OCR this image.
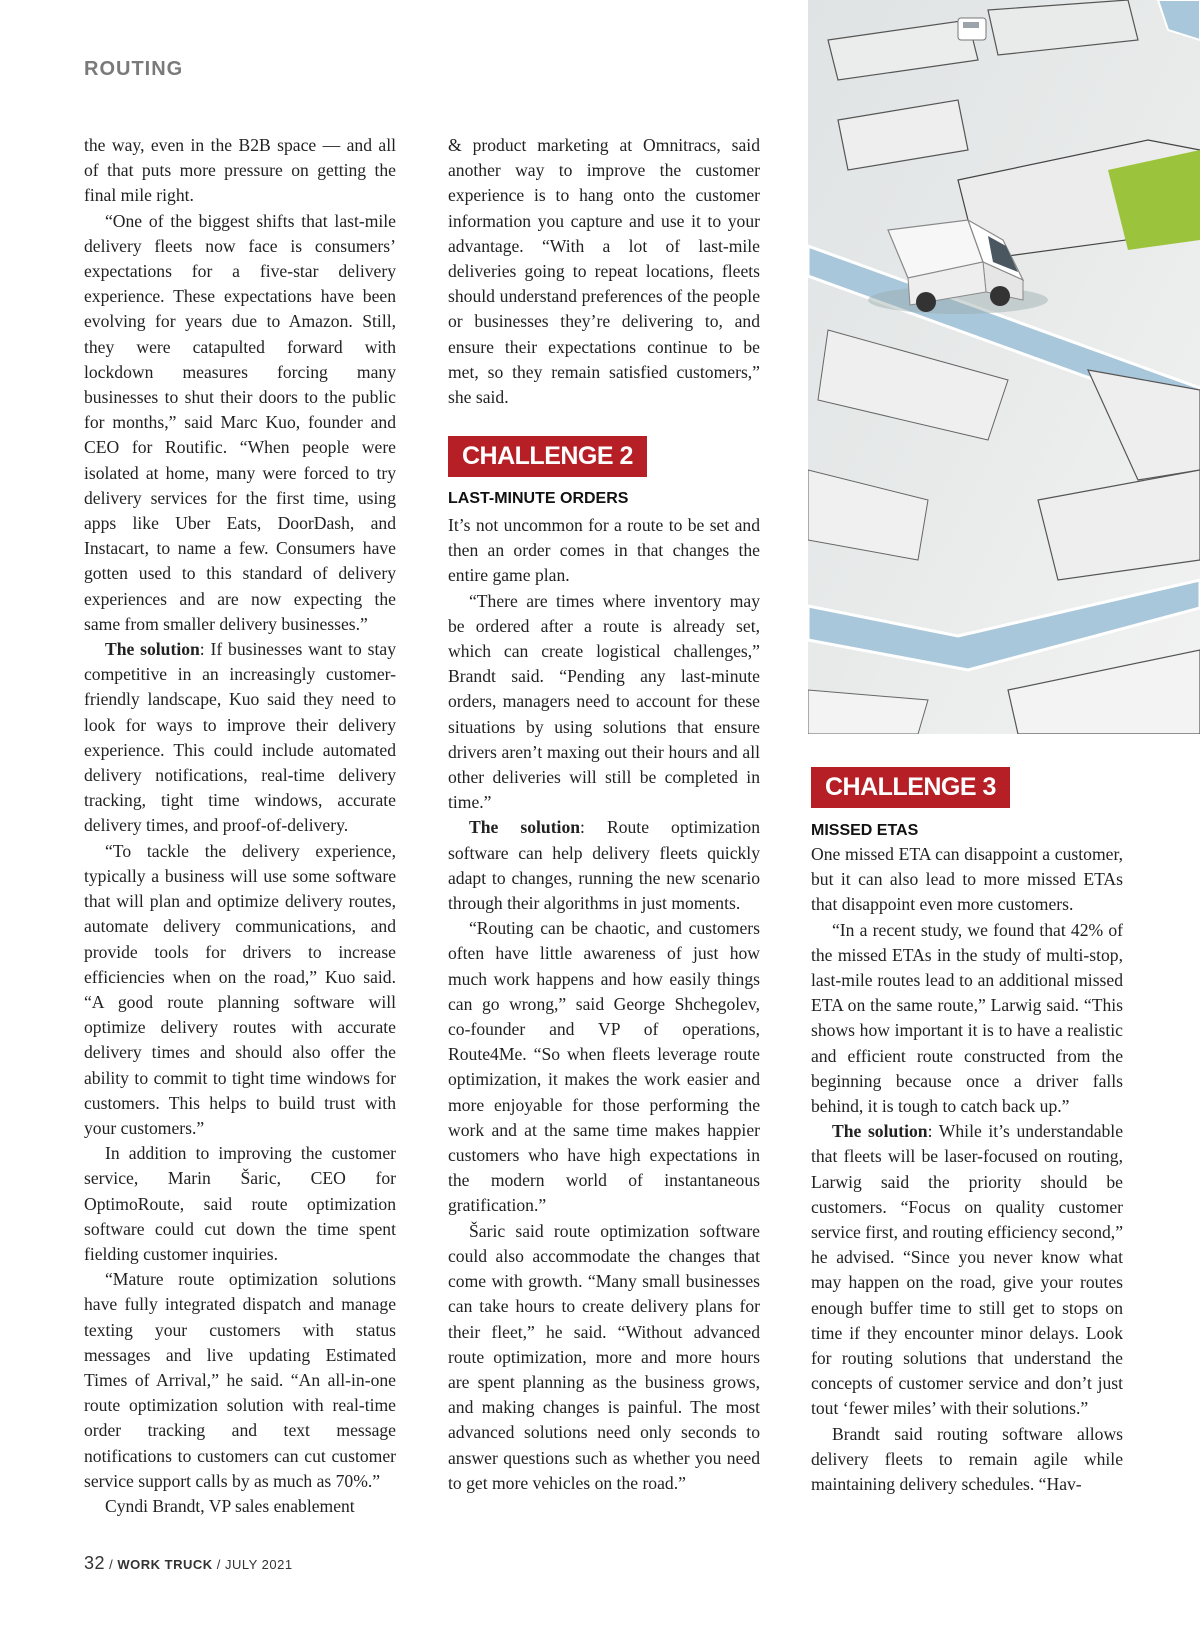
ROUTING

the way, even in the B2B space — and all of that puts more pressure on getting the final mile right.

“One of the biggest shifts that last-mile delivery fleets now face is consumers’ expectations for a five-star delivery experience. These expectations have been evolving for years due to Amazon. Still, they were catapulted forward with lockdown measures forcing many businesses to shut their doors to the public for months,” said Marc Kuo, founder and CEO for Routific. “When people were isolated at home, many were forced to try delivery services for the first time, using apps like Uber Eats, DoorDash, and Instacart, to name a few. Consumers have gotten used to this standard of delivery experiences and are now expecting the same from smaller delivery businesses.”

The solution: If businesses want to stay competitive in an increasingly customer-friendly landscape, Kuo said they need to look for ways to improve their delivery experience. This could include automated delivery notifications, real-time delivery tracking, tight time windows, accurate delivery times, and proof-of-delivery.

“To tackle the delivery experience, typically a business will use some software that will plan and optimize delivery routes, automate delivery communications, and provide tools for drivers to increase efficiencies when on the road,” Kuo said. “A good route planning software will optimize delivery routes with accurate delivery times and should also offer the ability to commit to tight time windows for customers. This helps to build trust with your customers.”

In addition to improving the customer service, Marin Šaric, CEO for OptimoRoute, said route optimization software could cut down the time spent fielding customer inquiries.

“Mature route optimization solutions have fully integrated dispatch and manage texting your customers with status messages and live updating Estimated Times of Arrival,” he said. “An all-in-one route optimization solution with real-time order tracking and text message notifications to customers can cut customer service support calls by as much as 70%.”

Cyndi Brandt, VP sales enablement

& product marketing at Omnitracs, said another way to improve the customer experience is to hang onto the customer information you capture and use it to your advantage. “With a lot of last-mile deliveries going to repeat locations, fleets should understand preferences of the people or businesses they’re delivering to, and ensure their expectations continue to be met, so they remain satisfied customers,” she said.

CHALLENGE 2
LAST-MINUTE ORDERS

It’s not uncommon for a route to be set and then an order comes in that changes the entire game plan.

“There are times where inventory may be ordered after a route is already set, which can create logistical challenges,” Brandt said. “Pending any last-minute orders, managers need to account for these situations by using solutions that ensure drivers aren’t maxing out their hours and all other deliveries will still be completed in time.”

The solution: Route optimization software can help delivery fleets quickly adapt to changes, running the new scenario through their algorithms in just moments.

“Routing can be chaotic, and customers often have little awareness of just how much work happens and how easily things can go wrong,” said George Shchegolev, co-founder and VP of operations, Route4Me. “So when fleets leverage route optimization, it makes the work easier and more enjoyable for those performing the work and at the same time makes happier customers who have high expectations in the modern world of instantaneous gratification.”

Šaric said route optimization software could also accommodate the changes that come with growth. “Many small businesses can take hours to create delivery plans for their fleet,” he said. “Without advanced route optimization, more and more hours are spent planning as the business grows, and making changes is painful. The most advanced solutions need only seconds to answer questions such as whether you need to get more vehicles on the road.”

CHALLENGE 3
MISSED ETAS

One missed ETA can disappoint a customer, but it can also lead to more missed ETAs that disappoint even more customers.

“In a recent study, we found that 42% of the missed ETAs in the study of multi-stop, last-mile routes lead to an additional missed ETA on the same route,” Larwig said. “This shows how important it is to have a realistic and efficient route constructed from the beginning because once a driver falls behind, it is tough to catch back up.”

The solution: While it’s understandable that fleets will be laser-focused on routing, Larwig said the priority should be customers. “Focus on quality customer service first, and routing efficiency second,” he advised. “Since you never know what may happen on the road, give your routes enough buffer time to still get to stops on time if they encounter minor delays. Look for routing solutions that understand the concepts of customer service and don’t just tout ‘fewer miles’ with their solutions.”

Brandt said routing software allows delivery fleets to remain agile while maintaining delivery schedules. “Hav-

32 / WORK TRUCK / JULY 2021
